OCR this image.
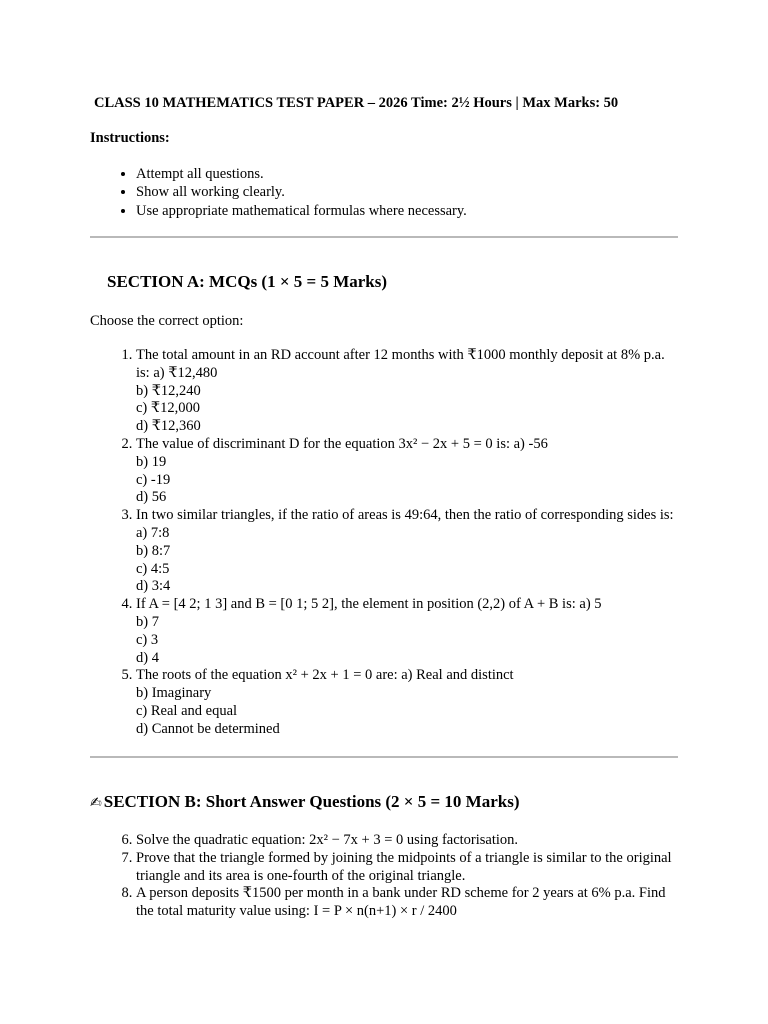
CLASS 10 MATHEMATICS TEST PAPER – 2026 Time: 2½ Hours | Max Marks: 50
Instructions:
• Attempt all questions.
• Show all working clearly.
• Use appropriate mathematical formulas where necessary.
SECTION A: MCQs (1 × 5 = 5 Marks)
Choose the correct option:
1. The total amount in an RD account after 12 months with ₹1000 monthly deposit at 8% p.a. is: a) ₹12,480
b) ₹12,240
c) ₹12,000
d) ₹12,360
2. The value of discriminant D for the equation 3x² − 2x + 5 = 0 is: a) -56
b) 19
c) -19
d) 56
3. In two similar triangles, if the ratio of areas is 49:64, then the ratio of corresponding sides is: a) 7:8
b) 8:7
c) 4:5
d) 3:4
4. If A = [4 2; 1 3] and B = [0 1; 5 2], the element in position (2,2) of A + B is: a) 5
b) 7
c) 3
d) 4
5. The roots of the equation x² + 2x + 1 = 0 are: a) Real and distinct
b) Imaginary
c) Real and equal
d) Cannot be determined
✍ SECTION B: Short Answer Questions (2 × 5 = 10 Marks)
6. Solve the quadratic equation: 2x² − 7x + 3 = 0 using factorisation.
7. Prove that the triangle formed by joining the midpoints of a triangle is similar to the original triangle and its area is one-fourth of the original triangle.
8. A person deposits ₹1500 per month in a bank under RD scheme for 2 years at 6% p.a. Find the total maturity value using: I = P × n(n+1) × r / 2400
